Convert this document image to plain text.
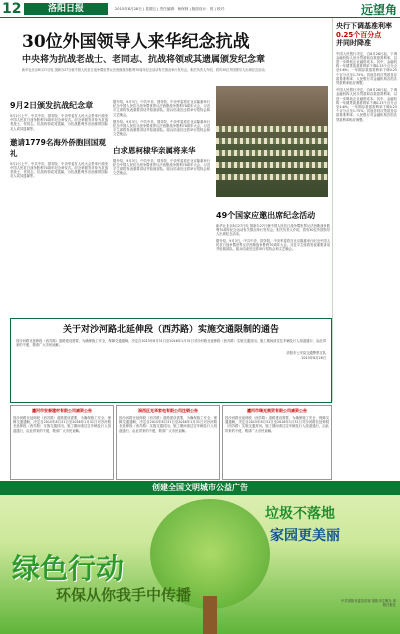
12	洛阳日报	2015年8月28日 | 星期五 | 责任编辑：杨保林 | 版面设计：郭 | 校对：	远望角
30位外国领导人来华纪念抗战
中央将为抗战老战士、老同志、抗战将领或其遗属颁发纪念章
新华社北京8月27日电 国新办27日就中国人民抗日战争暨世界反法西斯战争胜利70周年纪念活动有关情况举行发布会。相关负责人介绍，将有30位外国领导人出席纪念活动。
9月2日颁发抗战纪念章
9月2日上午，中共中央、国务院、中央军委在人民大会堂举行颁发中国人民抗日战争胜利70周年纪念章仪式。纪念章颁发对象为抗战老战士、老同志，抗战将领或其遗属，为抗战胜利作出贡献的国际友人或其遗属等。
邀请1779名海外侨胞回国观礼
9月2日上午，中共中央、国务院、中央军委在人民大会堂举行颁发中国人民抗日战争胜利70周年纪念章仪式。纪念章颁发对象为抗战老战士、老同志，抗战将领或其遗属，为抗战胜利作出贡献的国际友人或其遗属等。
据介绍，9月3日，中共中央、国务院、中央军委将在北京隆重举行纪念中国人民抗日战争暨世界反法西斯战争胜利70周年大会，习近平主席将发表重要讲话并检阅部队。阅兵结束后还将举行招待会和文艺晚会。
据介绍，9月3日，中共中央、国务院、中央军委将在北京隆重举行纪念中国人民抗日战争暨世界反法西斯战争胜利70周年大会，习近平主席将发表重要讲话并检阅部队。阅兵结束后还将举行招待会和文艺晚会。
白求恩柯棣华亲属将来华
据介绍，9月3日，中共中央、国务院、中央军委将在北京隆重举行纪念中国人民抗日战争暨世界反法西斯战争胜利70周年大会，习近平主席将发表重要讲话并检阅部队。阅兵结束后还将举行招待会和文艺晚会。
49个国家应邀出席纪念活动
新华社北京8月27日电 国新办27日就中国人民抗日战争暨世界反法西斯战争胜利70周年纪念活动有关情况举行发布会。相关负责人介绍，将有30位外国领导人出席纪念活动。
据介绍，9月3日，中共中央、国务院、中央军委将在北京隆重举行纪念中国人民抗日战争暨世界反法西斯战争胜利70周年大会，习近平主席将发表重要讲话并检阅部队。阅兵结束后还将举行招待会和文艺晚会。
央行下调基准利率
0.25个百分点
并同时降准
中国人民银行决定，自8月26日起，下调金融机构人民币贷款和存款基准利率，以进一步降低企业融资成本。其中，金融机构一年期贷款基准利率下调0.25个百分点至4.6%；一年期存款基准利率下调0.25个百分点至1.75%；其他各档次贷款及存款基准利率、人民银行对金融机构各档次贷款利率相应调整。
中国人民银行决定，自8月26日起，下调金融机构人民币贷款和存款基准利率，以进一步降低企业融资成本。其中，金融机构一年期贷款基准利率下调0.25个百分点至4.6%；一年期存款基准利率下调0.25个百分点至1.75%；其他各档次贷款及存款基准利率、人民银行对金融机构各档次贷款利率相应调整。
关于对沙河路北延伸段（西苏路）实施交通限制的通告
因沙河路北延伸段（西苏路）道路建设需要，为确保施工安全，保障交通通畅，决定自2015年8月31日至2016年1月31日对沙河路北延伸段（西苏路）实施交通封闭。施工期间请过往车辆及行人绕道通行，由此带来的不便，敬请广大市民谅解。
洛阳市公安局交通警察支队
2015年8月28日
瀍河市安泰建材有限公司减资公告
因沙河路北延伸段（西苏路）道路建设需要，为确保施工安全，保障交通通畅，决定自2015年8月31日至2016年1月31日对沙河路北延伸段（西苏路）实施交通封闭。施工期间请过往车辆及行人绕道通行，由此带来的不便，敬请广大市民谅解。
涧西区光华家电有限公司注销公告
因沙河路北延伸段（西苏路）道路建设需要，为确保施工安全，保障交通通畅，决定自2015年8月31日至2016年1月31日对沙河路北延伸段（西苏路）实施交通封闭。施工期间请过往车辆及行人绕道通行，由此带来的不便，敬请广大市民谅解。
瀍河市瑞光商贸有限公司减资公告
因沙河路北延伸段（西苏路）道路建设需要，为确保施工安全，保障交通通畅，决定自2015年8月31日至2016年1月31日对沙河路北延伸段（西苏路）实施交通封闭。施工期间请过往车辆及行人绕道通行，由此带来的不便，敬请广大市民谅解。
创建全国文明城市公益广告
垃圾不落地
家园更美丽
绿色行动
环保从你我手中传播	中共洛阳市委宣传部 洛阳市文明办 洛阳日报社
